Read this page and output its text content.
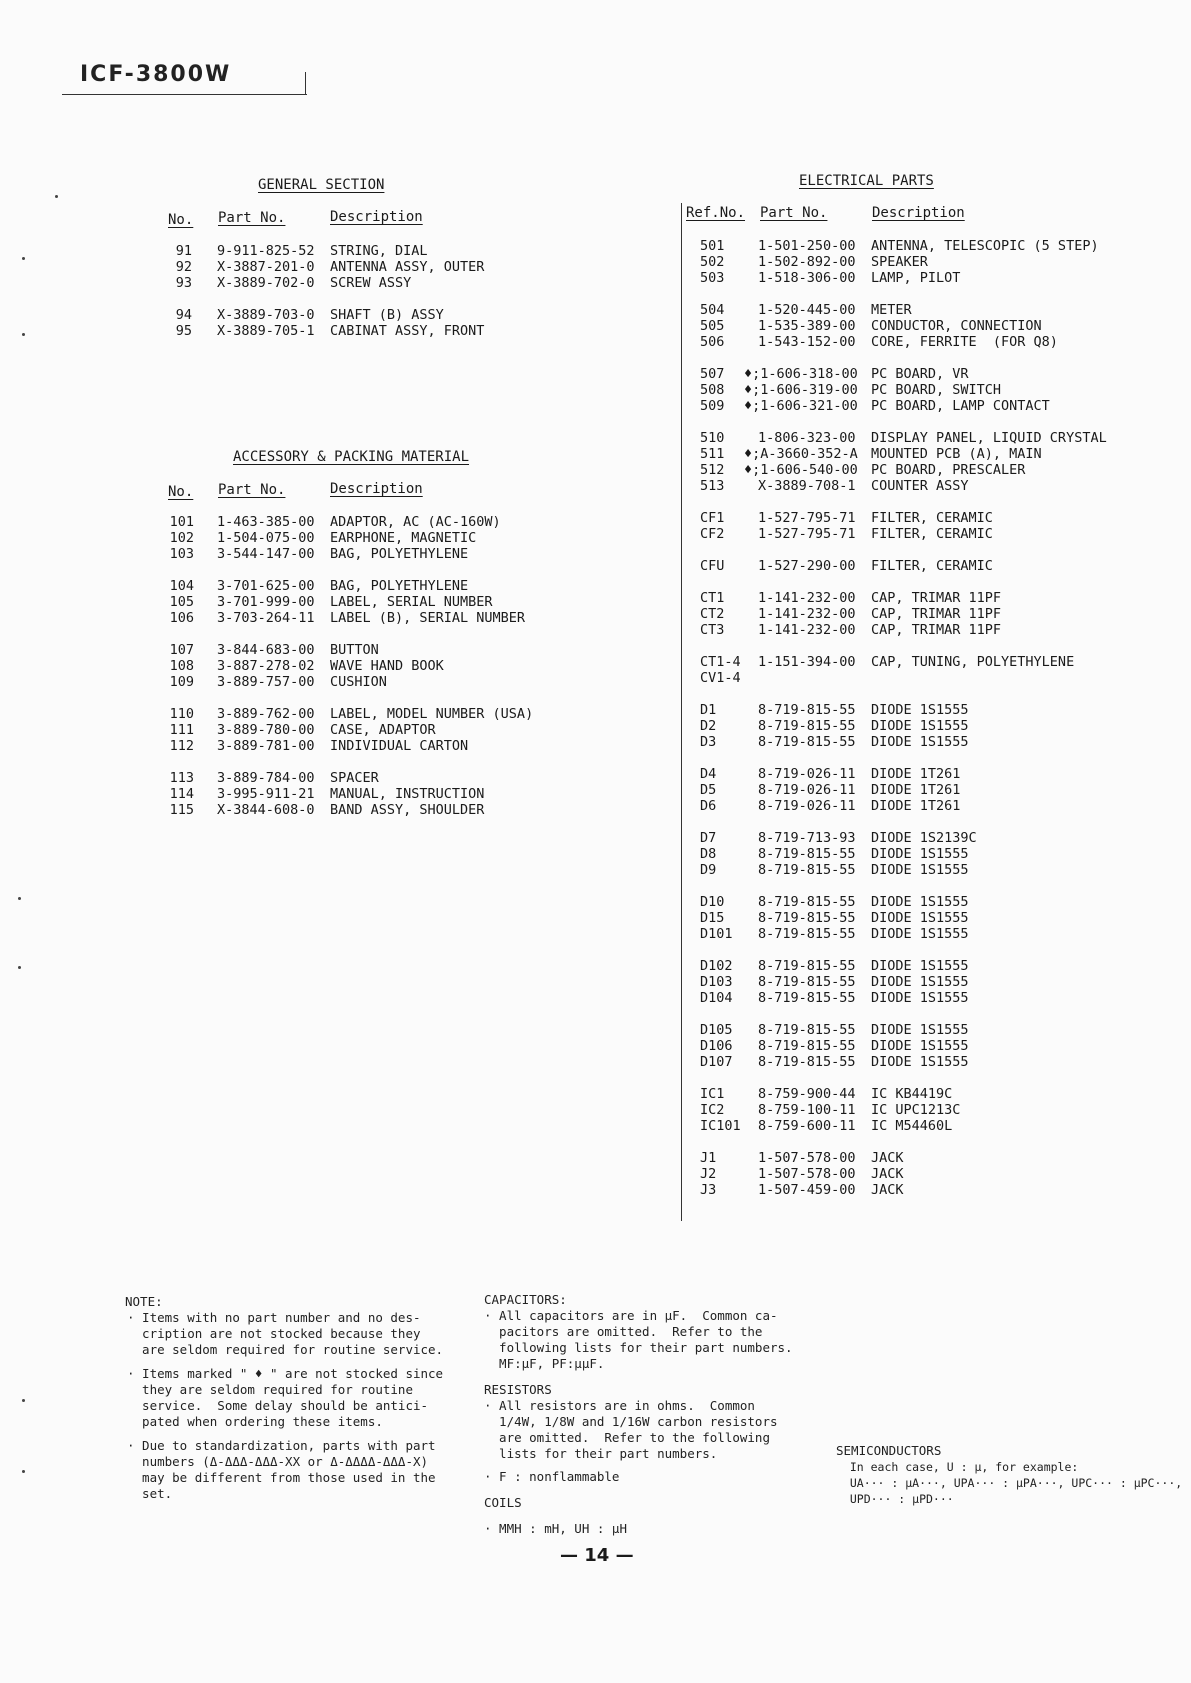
ICF-3800W
GENERAL SECTION
No. Part No.	Description
91 9-911-825-52 STRING, DIAL
92 X-3887-201-0 ANTENNA ASSY, OUTER
93 X-3889-702-0 SCREW ASSY
94 X-3889-703-0 SHAFT (B) ASSY
95 X-3889-705-1 CABINAT ASSY, FRONT
ACCESSORY & PACKING MATERIAL
No. Part No.	Description
101 1-463-385-00 ADAPTOR, AC (AC-160W)
102 1-504-075-00 EARPHONE, MAGNETIC
103 3-544-147-00 BAG, POLYETHYLENE
104 3-701-625-00 BAG, POLYETHYLENE
105 3-701-999-00 LABEL, SERIAL NUMBER
106 3-703-264-11 LABEL (B), SERIAL NUMBER
107 3-844-683-00 BUTTON
108 3-887-278-02 WAVE HAND BOOK
109 3-889-757-00 CUSHION
110 3-889-762-00 LABEL, MODEL NUMBER (USA)
111 3-889-780-00 CASE, ADAPTOR
112 3-889-781-00 INDIVIDUAL CARTON
113 3-889-784-00 SPACER
114 3-995-911-21 MANUAL, INSTRUCTION
115 X-3844-608-0 BAND ASSY, SHOULDER
ELECTRICAL PARTS
Ref.No. Part No.	Description
501 1-501-250-00 ANTENNA, TELESCOPIC (5 STEP)
502 1-502-892-00 SPEAKER
503 1-518-306-00 LAMP, PILOT
504 1-520-445-00 METER
505 1-535-389-00 CONDUCTOR, CONNECTION
506 1-543-152-00 CORE, FERRITE  (FOR Q8)
507 ♦;1-606-318-00 PC BOARD, VR
508 ♦;1-606-319-00 PC BOARD, SWITCH
509 ♦;1-606-321-00 PC BOARD, LAMP CONTACT
510 1-806-323-00 DISPLAY PANEL, LIQUID CRYSTAL
511 ♦;A-3660-352-A MOUNTED PCB (A), MAIN
512 ♦;1-606-540-00 PC BOARD, PRESCALER
513 X-3889-708-1 COUNTER ASSY
CF1 1-527-795-71 FILTER, CERAMIC
CF2 1-527-795-71 FILTER, CERAMIC
CFU 1-527-290-00 FILTER, CERAMIC
CT1 1-141-232-00 CAP, TRIMAR 11PF
CT2 1-141-232-00 CAP, TRIMAR 11PF
CT3 1-141-232-00 CAP, TRIMAR 11PF
CT1-4 1-151-394-00 CAP, TUNING, POLYETHYLENE
CV1-4
D1	8-719-815-55 DIODE 1S1555
D2	8-719-815-55 DIODE 1S1555
D3	8-719-815-55 DIODE 1S1555
D4	8-719-026-11 DIODE 1T261
D5	8-719-026-11 DIODE 1T261
D6	8-719-026-11 DIODE 1T261
D7	8-719-713-93 DIODE 1S2139C
D8	8-719-815-55 DIODE 1S1555
D9	8-719-815-55 DIODE 1S1555
D10 8-719-815-55 DIODE 1S1555
D15 8-719-815-55 DIODE 1S1555
D101 8-719-815-55 DIODE 1S1555
D102 8-719-815-55 DIODE 1S1555
D103 8-719-815-55 DIODE 1S1555
D104 8-719-815-55 DIODE 1S1555
D105 8-719-815-55 DIODE 1S1555
D106 8-719-815-55 DIODE 1S1555
D107 8-719-815-55 DIODE 1S1555
IC1 8-759-900-44 IC KB4419C
IC2 8-759-100-11 IC UPC1213C
IC101 8-759-600-11 IC M54460L
J1	1-507-578-00 JACK
J2	1-507-578-00 JACK
J3	1-507-459-00 JACK
NOTE:
· Items with no part number and no des-
cription are not stocked because they
are seldom required for routine service.
· Items marked " ♦ " are not stocked since
they are seldom required for routine
service.  Some delay should be antici-
pated when ordering these items.
· Due to standardization, parts with part
numbers (Δ-ΔΔΔ-ΔΔΔ-XX or Δ-ΔΔΔΔ-ΔΔΔ-X)
may be different from those used in the
set.
CAPACITORS:
· All capacitors are in μF.  Common ca-
pacitors are omitted.  Refer to the
following lists for their part numbers.
MF:μF, PF:μμF.
RESISTORS
· All resistors are in ohms.  Common
1/4W, 1/8W and 1/16W carbon resistors
are omitted.  Refer to the following
lists for their part numbers.
· F : nonflammable
COILS
· MMH : mH, UH : μH
SEMICONDUCTORS
In each case, U : μ, for example:
UA··· : μA···, UPA··· : μPA···, UPC··· : μPC···,
UPD··· : μPD···
— 14 —
